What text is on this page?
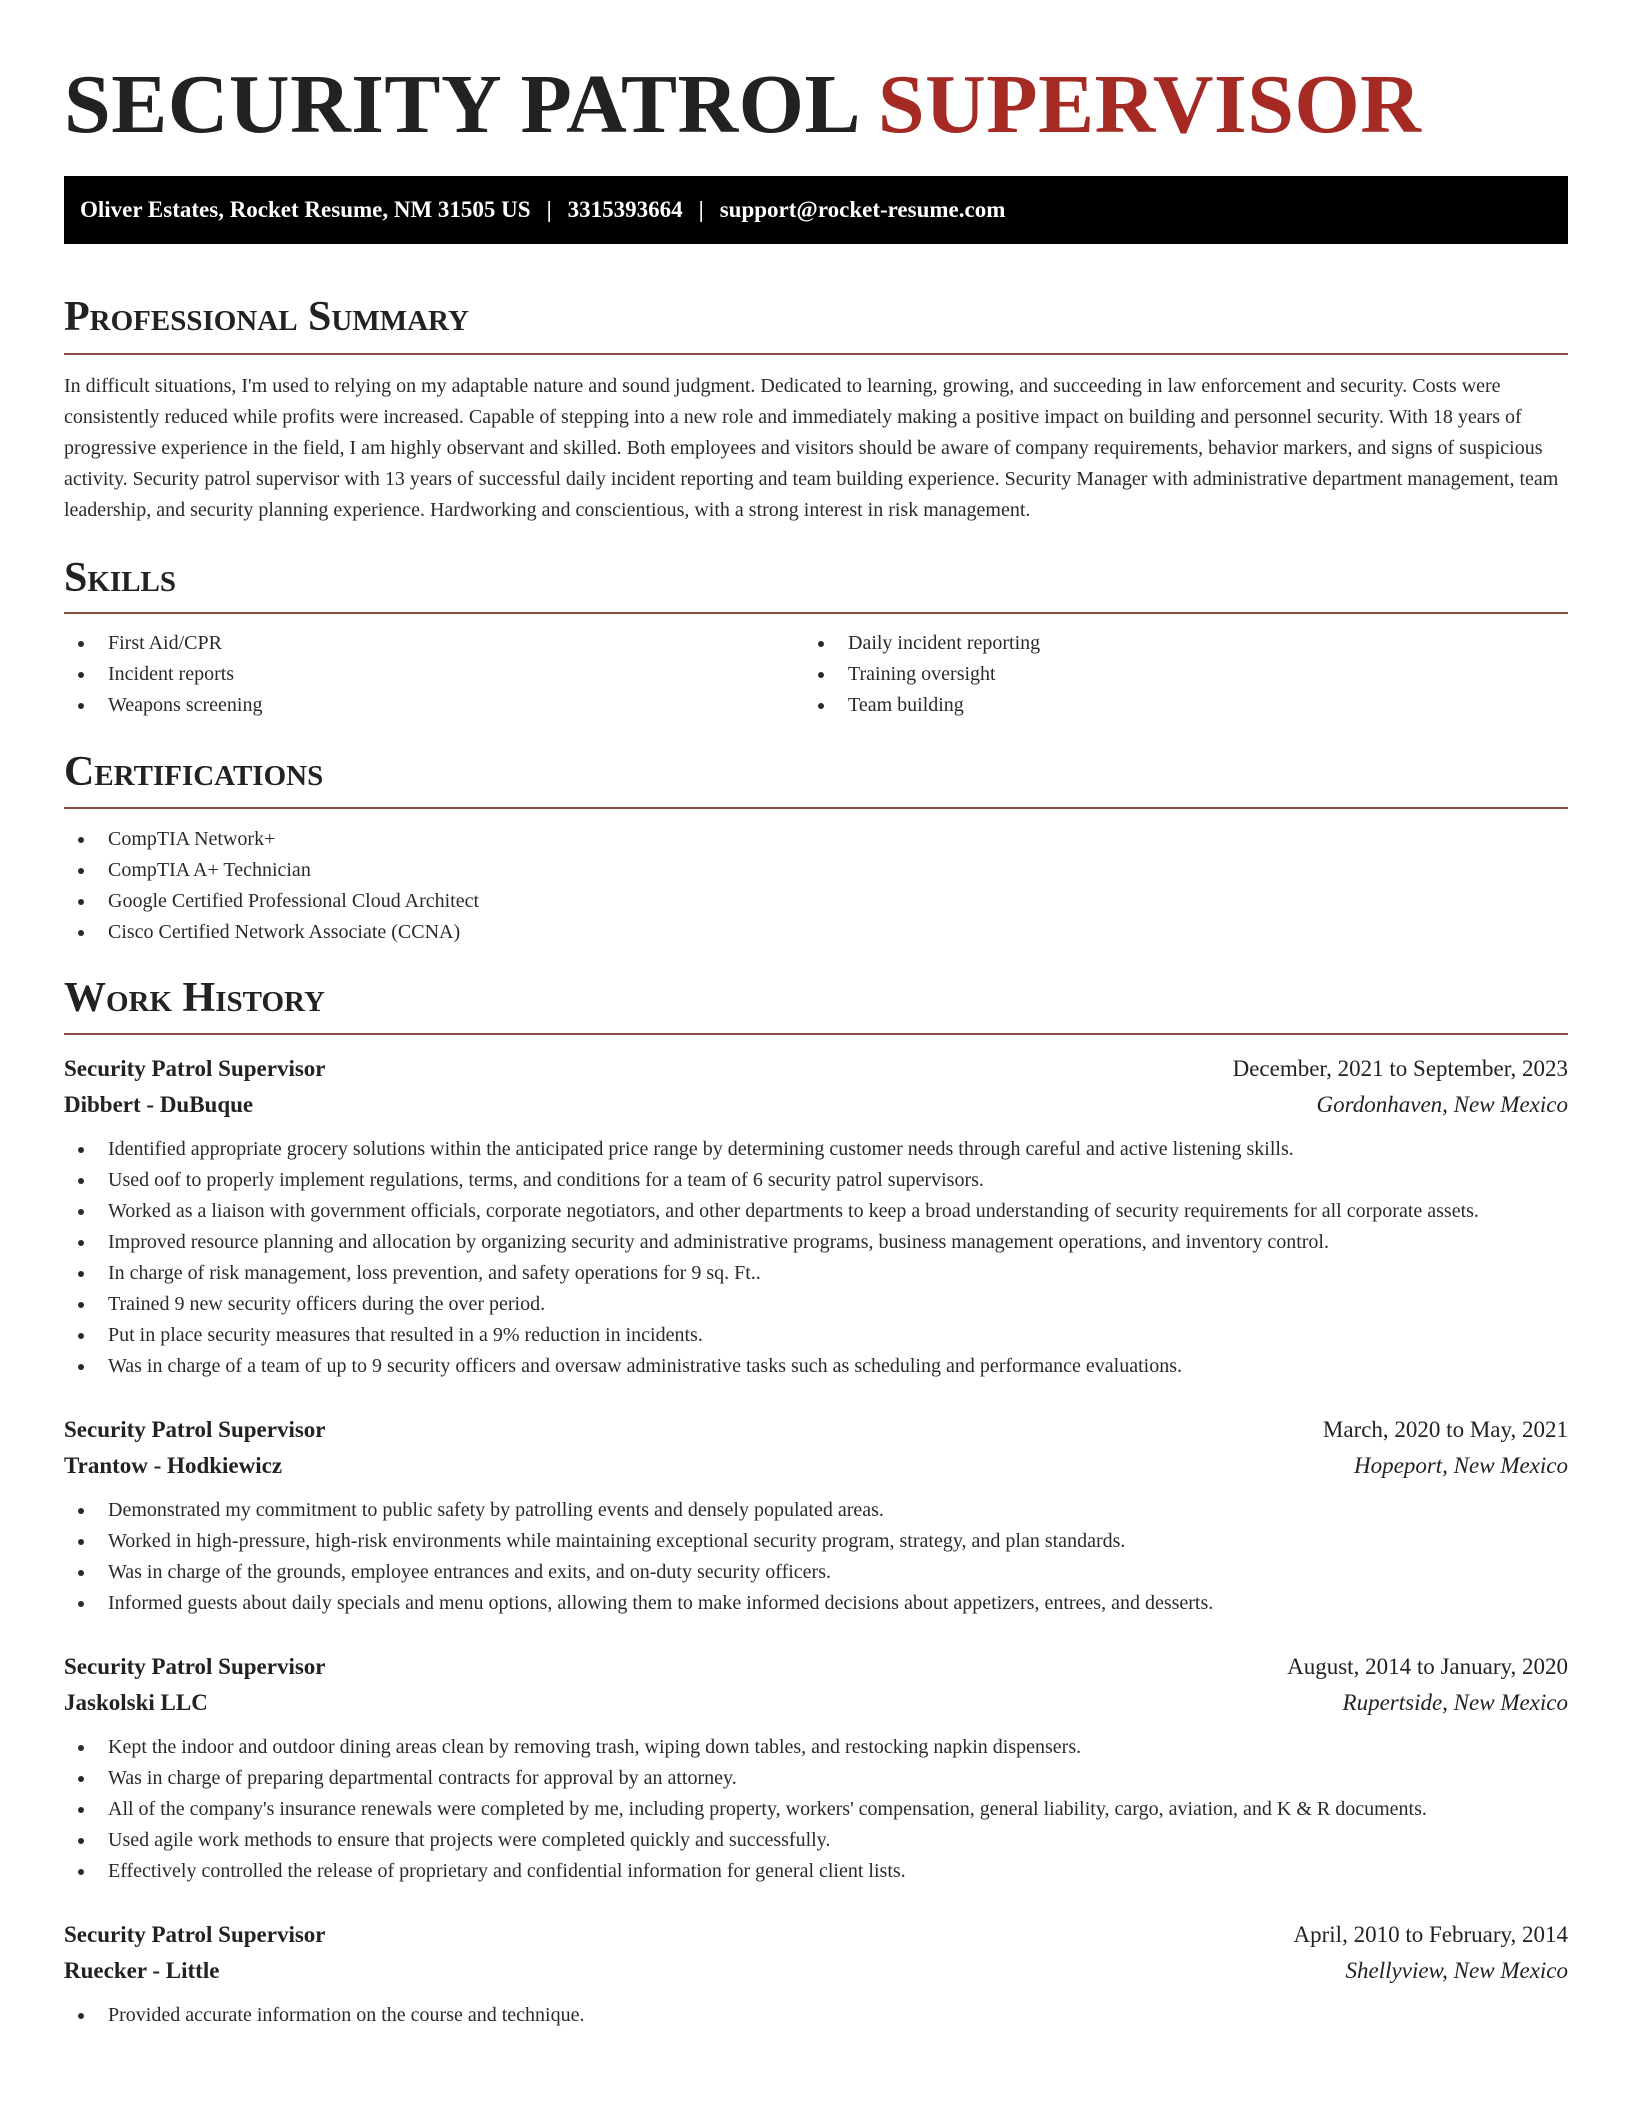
SECURITY PATROL SUPERVISOR
Oliver Estates, Rocket Resume, NM 31505 US | 3315393664 | support@rocket-resume.com
Professional Summary

In difficult situations, I'm used to relying on my adaptable nature and sound judgment. Dedicated to learning, growing, and succeeding in law enforcement and security. Costs were consistently reduced while profits were increased. Capable of stepping into a new role and immediately making a positive impact on building and personnel security. With 18 years of progressive experience in the field, I am highly observant and skilled. Both employees and visitors should be aware of company requirements, behavior markers, and signs of suspicious activity. Security patrol supervisor with 13 years of successful daily incident reporting and team building experience. Security Manager with administrative department management, team leadership, and security planning experience. Hardworking and conscientious, with a strong interest in risk management.

Skills
First Aid/CPR
Incident reports
Weapons screening
Daily incident reporting
Training oversight
Team building
Certifications
CompTIA Network+
CompTIA A+ Technician
Google Certified Professional Cloud Architect
Cisco Certified Network Associate (CCNA)
Work History
Security Patrol Supervisor	December, 2021 to September, 2023
Dibbert - DuBuque	Gordonhaven, New Mexico
Identified appropriate grocery solutions within the anticipated price range by determining customer needs through careful and active listening skills.
Used oof to properly implement regulations, terms, and conditions for a team of 6 security patrol supervisors.
Worked as a liaison with government officials, corporate negotiators, and other departments to keep a broad understanding of security requirements for all corporate assets.
Improved resource planning and allocation by organizing security and administrative programs, business management operations, and inventory control.
In charge of risk management, loss prevention, and safety operations for 9 sq. Ft..
Trained 9 new security officers during the over period.
Put in place security measures that resulted in a 9% reduction in incidents.
Was in charge of a team of up to 9 security officers and oversaw administrative tasks such as scheduling and performance evaluations.
Security Patrol Supervisor	March, 2020 to May, 2021
Trantow - Hodkiewicz	Hopeport, New Mexico
Demonstrated my commitment to public safety by patrolling events and densely populated areas.
Worked in high-pressure, high-risk environments while maintaining exceptional security program, strategy, and plan standards.
Was in charge of the grounds, employee entrances and exits, and on-duty security officers.
Informed guests about daily specials and menu options, allowing them to make informed decisions about appetizers, entrees, and desserts.
Security Patrol Supervisor	August, 2014 to January, 2020
Jaskolski LLC	Rupertside, New Mexico
Kept the indoor and outdoor dining areas clean by removing trash, wiping down tables, and restocking napkin dispensers.
Was in charge of preparing departmental contracts for approval by an attorney.
All of the company's insurance renewals were completed by me, including property, workers' compensation, general liability, cargo, aviation, and K & R documents.
Used agile work methods to ensure that projects were completed quickly and successfully.
Effectively controlled the release of proprietary and confidential information for general client lists.
Security Patrol Supervisor	April, 2010 to February, 2014
Ruecker - Little	Shellyview, New Mexico
Provided accurate information on the course and technique.
